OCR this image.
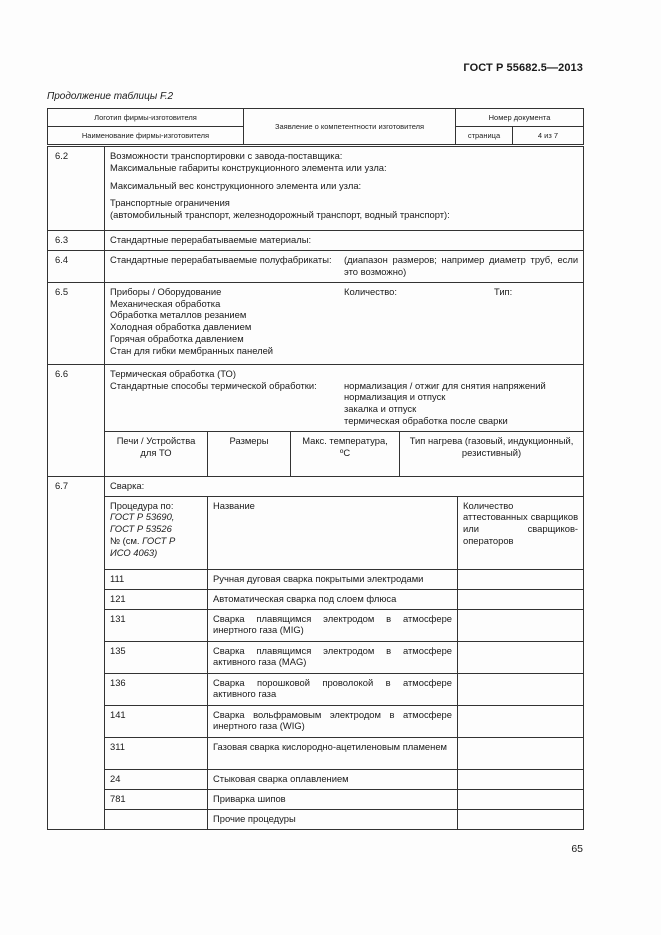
ГОСТ Р 55682.5—2013
Продолжение таблицы F.2
Логотип фирмы-изготовителя	Заявление о компетентности изготовителя	Номер документа	
Наименование фирмы-изготовителя		страница	4 из 7
6.2	Возможности транспортировки с завода-поставщика:
Максимальные габариты конструкционного элемента или узла:
Максимальный вес конструкционного элемента или узла:
Транспортные ограничения
(автомобильный транспорт, железнодорожный транспорт, водный транспорт):

6.3	Стандартные перерабатываемые материалы:
6.4		Стандартные перерабатываемые полуфабрикаты:	(диапазон размеров; например диаметр труб, если это возможно)

6.5		Приборы / Оборудование
Механическая обработка
Обработка металлов резанием
Холодная обработка давлением
Горячая обработка давлением
Стан для гибки мембранных панелей
	Количество:	Тип:

6.6	Термическая обработка (ТО)
Стандартные способы термической обработки:	нормализация / отжиг для снятия напряжений
нормализация и отпуск
закалка и отпуск
термическая обработка после сварки

Печи / Устройства для ТО	Размеры	Макс. температура, ºС	Тип нагрева (газовый, индукционный, резистивный)
6.7	Сварка:

Процедура по:
ГОСТ Р 53690,
ГОСТ Р 53526
№ (см. ГОСТ Р
ИСО 4063)
	Название	Количество аттестованных сварщиков или сварщиков-операторов
111	Ручная дуговая сварка покрытыми электродами	
121	Автоматическая сварка под слоем флюса	
131	Сварка плавящимся электродом в атмосфере инертного газа (MIG)	
135	Сварка плавящимся электродом в атмосфере активного газа (MAG)	
136	Сварка порошковой проволокой в атмосфере активного газа	
141	Сварка вольфрамовым электродом в атмосфере инертного газа (WIG)	
311	Газовая сварка кислородно-ацетиленовым пламенем	
24	Стыковая сварка оплавлением	
781	Приварка шипов	
	Прочие процедуры	
65
